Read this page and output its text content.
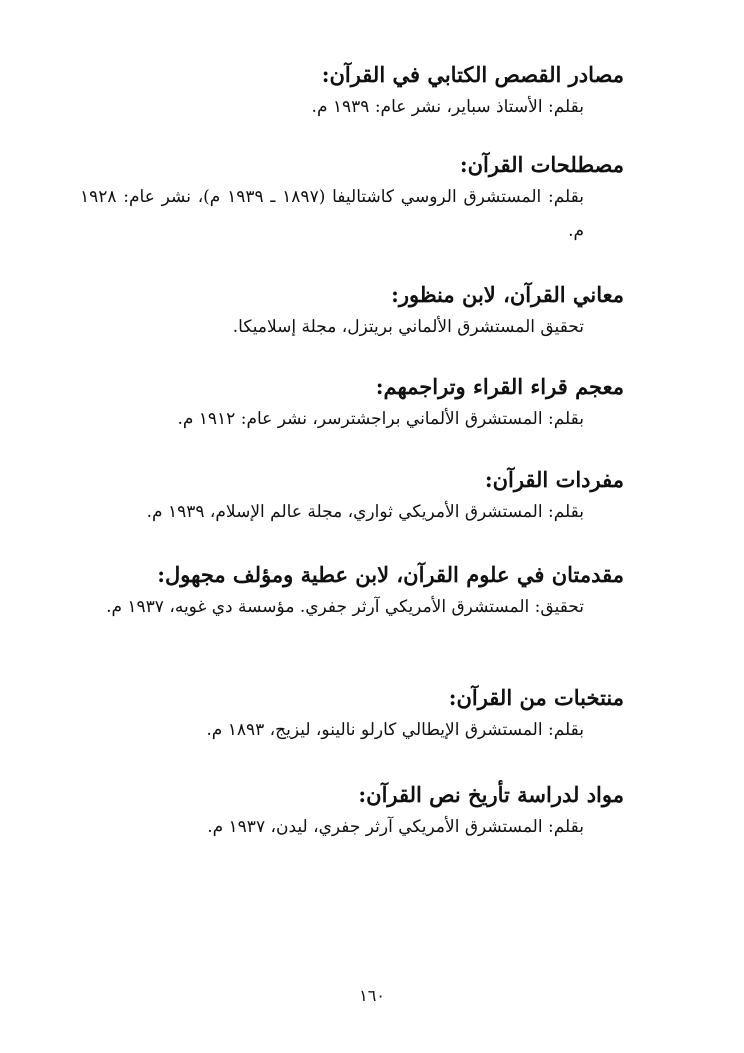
مصادر القصص الكتابي في القرآن:
بقلم: الأستاذ سباير، نشر عام: ١٩٣٩ م.
مصطلحات القرآن:
بقلم: المستشرق الروسي كاشتاليفا (١٨٩٧ ـ ١٩٣٩ م)، نشر عام: ١٩٢٨ م.
معاني القرآن، لابن منظور:
تحقيق المستشرق الألماني بريتزل، مجلة إسلاميكا.
معجم قراء القراء وتراجمهم:
بقلم: المستشرق الألماني براجشترسر، نشر عام: ١٩١٢ م.
مفردات القرآن:
بقلم: المستشرق الأمريكي ثواري، مجلة عالم الإسلام، ١٩٣٩ م.
مقدمتان في علوم القرآن، لابن عطية ومؤلف مجهول:
تحقيق: المستشرق الأمريكي آرثر جفري. مؤسسة دي غويه، ١٩٣٧ م.
منتخبات من القرآن:
بقلم: المستشرق الإيطالي كارلو نالينو، ليزيج، ١٨٩٣ م.
مواد لدراسة تأريخ نص القرآن:
بقلم: المستشرق الأمريكي آرثر جفري، ليدن، ١٩٣٧ م.
١٦٠
